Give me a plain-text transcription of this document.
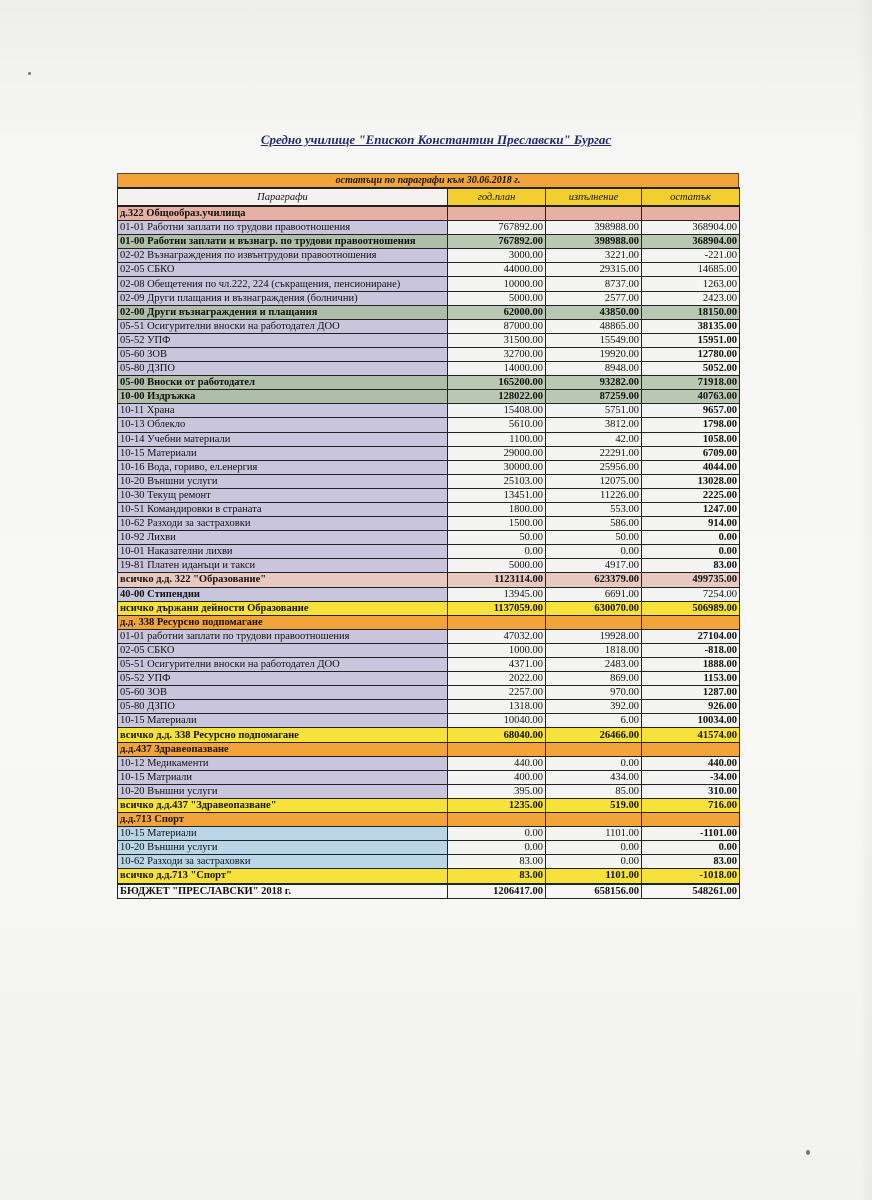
Средно училище "Епископ Константин Преславски" Бургас
остатъци по параграфи към 30.06.2018 г.
Параграфи	год.план	изпълнение	остатък
д.322 Общообраз.училища			
01-01 Работни заплати по трудови правоотношения	767892.00	398988.00	368904.00
01-00 Работни заплати и възнагр. по трудови правоотношения	767892.00	398988.00	368904.00
02-02 Възнаграждения по извънтрудови правоотношения	3000.00	3221.00	-221.00
02-05 СБКО	44000.00	29315.00	14685.00
02-08 Обещетения по чл.222, 224 (съкращения, пенсиониране)	10000.00	8737.00	1263.00
02-09 Други плащания и възнаграждения (болнични)	5000.00	2577.00	2423.00
02-00 Други възнаграждения и плащания	62000.00	43850.00	18150.00
05-51 Осигурителни вноски на работодател ДОО	87000.00	48865.00	38135.00
05-52 УПФ	31500.00	15549.00	15951.00
05-60 ЗОВ	32700.00	19920.00	12780.00
05-80 ДЗПО	14000.00	8948.00	5052.00
05-00 Вноски от работодател	165200.00	93282.00	71918.00
10-00 Издръжка	128022.00	87259.00	40763.00
10-11 Храна	15408.00	5751.00	9657.00
10-13 Облекло	5610.00	3812.00	1798.00
10-14 Учебни материали	1100.00	42.00	1058.00
10-15 Материали	29000.00	22291.00	6709.00
10-16 Вода, гориво, ел.енергия	30000.00	25956.00	4044.00
10-20 Външни услуги	25103.00	12075.00	13028.00
10-30 Текущ ремонт	13451.00	11226.00	2225.00
10-51 Командировки в страната	1800.00	553.00	1247.00
10-62 Разходи за застраховки	1500.00	586.00	914.00
10-92 Лихви	50.00	50.00	0.00
10-01 Наказателни лихви	0.00	0.00	0.00
19-81 Платен иданъци и такси	5000.00	4917.00	83.00
всичко д.д. 322 "Образование"	1123114.00	623379.00	499735.00
40-00 Стипендии	13945.00	6691.00	7254.00
нсичко държани дейности Образование	1137059.00	630070.00	506989.00
д.д. 338 Ресурсно подпомагане			
01-01 работни заплати по трудови правоотношения	47032.00	19928.00	27104.00
02-05 СБКО	1000.00	1818.00	-818.00
05-51 Осигурителни вноски на работодател ДОО	4371.00	2483.00	1888.00
05-52 УПФ	2022.00	869.00	1153.00
05-60 ЗОВ	2257.00	970.00	1287.00
05-80 ДЗПО	1318.00	392.00	926.00
10-15 Материали	10040.00	6.00	10034.00
всичко д.д. 338 Ресурсно подпомагане	68040.00	26466.00	41574.00
д.д.437 Здравеопазване			
10-12 Медикаменти	440.00	0.00	440.00
10-15 Матриали	400.00	434.00	-34.00
10-20 Външни услуги	395.00	85.00	310.00
всичко д.д.437 "Здравеопазване"	1235.00	519.00	716.00
д.д.713 Спорт			
10-15 Материали	0.00	1101.00	-1101.00
10-20 Външни услуги	0.00	0.00	0.00
10-62 Разходи за застраховки	83.00	0.00	83.00
всичко д.д.713 "Спорт"	83.00	1101.00	-1018.00
БЮДЖЕТ "ПРЕСЛАВСКИ" 2018 г.	1206417.00	658156.00	548261.00
